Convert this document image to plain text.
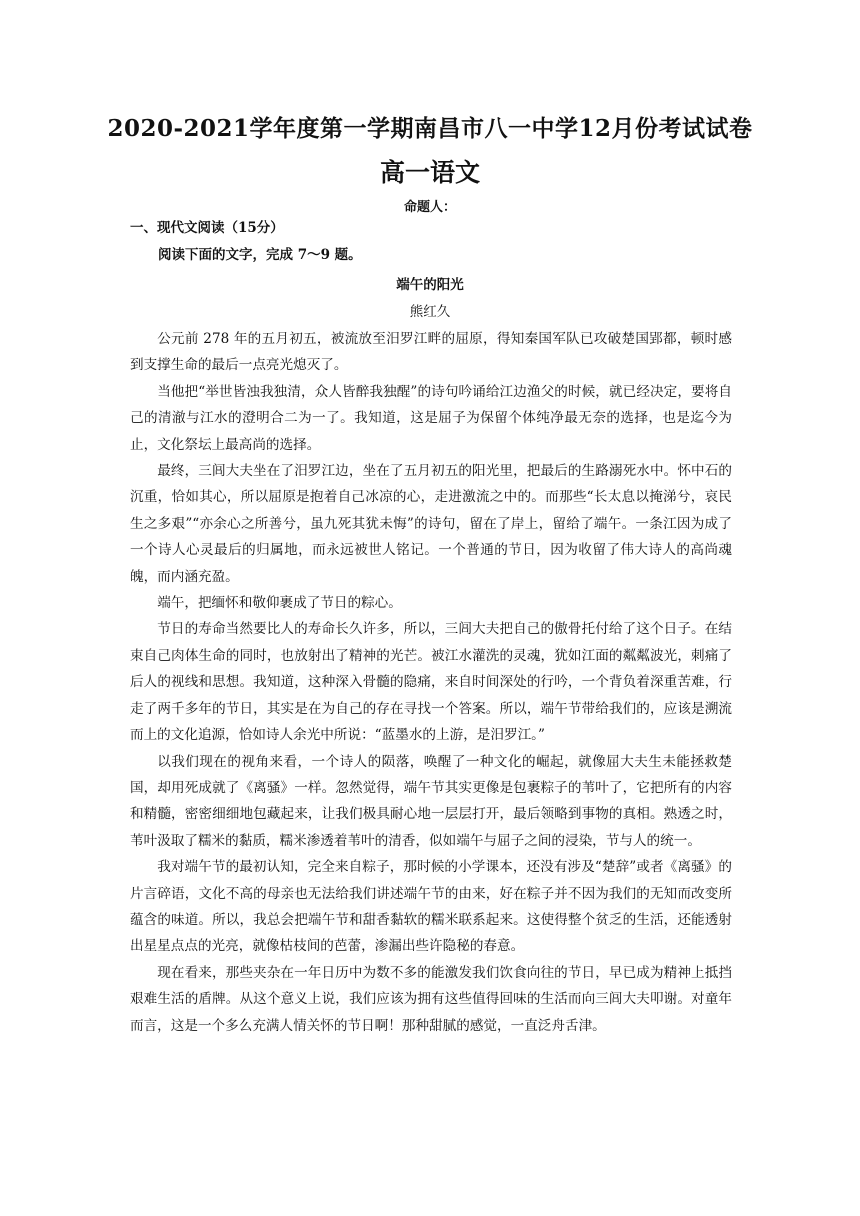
2020-2021学年度第一学期南昌市八一中学12月份考试试卷
高一语文
命题人：
一、现代文阅读（15分）
阅读下面的文字，完成 7～9 题。
端午的阳光
熊红久

公元前 278 年的五月初五，被流放至汨罗江畔的屈原，得知秦国军队已攻破楚国郢都，顿时感到支撑生命的最后一点亮光熄灭了。

当他把“举世皆浊我独清，众人皆醉我独醒”的诗句吟诵给江边渔父的时候，就已经决定，要将自己的清澈与江水的澄明合二为一了。我知道，这是屈子为保留个体纯净最无奈的选择，也是迄今为止，文化祭坛上最高尚的选择。

最终，三闾大夫坐在了汨罗江边，坐在了五月初五的阳光里，把最后的生路溺死水中。怀中石的沉重，恰如其心，所以屈原是抱着自己冰凉的心，走进激流之中的。而那些“长太息以掩涕兮，哀民生之多艰”“亦余心之所善兮，虽九死其犹未悔”的诗句，留在了岸上，留给了端午。一条江因为成了一个诗人心灵最后的归属地，而永远被世人铭记。一个普通的节日，因为收留了伟大诗人的高尚魂魄，而内涵充盈。

端午，把缅怀和敬仰裹成了节日的粽心。

节日的寿命当然要比人的寿命长久许多，所以，三闾大夫把自己的傲骨托付给了这个日子。在结束自己肉体生命的同时，也放射出了精神的光芒。被江水灌洗的灵魂，犹如江面的粼粼波光，刺痛了后人的视线和思想。我知道，这种深入骨髓的隐痛，来自时间深处的行吟，一个背负着深重苦难，行走了两千多年的节日，其实是在为自己的存在寻找一个答案。所以，端午节带给我们的，应该是溯流而上的文化追源，恰如诗人余光中所说：“蓝墨水的上游，是汨罗江。”

以我们现在的视角来看，一个诗人的陨落，唤醒了一种文化的崛起，就像屈大夫生未能拯救楚国，却用死成就了《离骚》一样。忽然觉得，端午节其实更像是包裹粽子的苇叶了，它把所有的内容和精髓，密密细细地包藏起来，让我们极具耐心地一层层打开，最后领略到事物的真相。熟透之时，苇叶汲取了糯米的黏质，糯米渗透着苇叶的清香，似如端午与屈子之间的浸染，节与人的统一。

我对端午节的最初认知，完全来自粽子，那时候的小学课本，还没有涉及“楚辞”或者《离骚》的片言碎语，文化不高的母亲也无法给我们讲述端午节的由来，好在粽子并不因为我们的无知而改变所蕴含的味道。所以，我总会把端午节和甜香黏软的糯米联系起来。这使得整个贫乏的生活，还能透射出星星点点的光亮，就像枯枝间的芭蕾，渗漏出些许隐秘的春意。

现在看来，那些夹杂在一年日历中为数不多的能激发我们饮食向往的节日，早已成为精神上抵挡艰难生活的盾牌。从这个意义上说，我们应该为拥有这些值得回味的生活而向三闾大夫叩谢。对童年而言，这是一个多么充满人情关怀的节日啊！那种甜腻的感觉，一直泛舟舌津。
